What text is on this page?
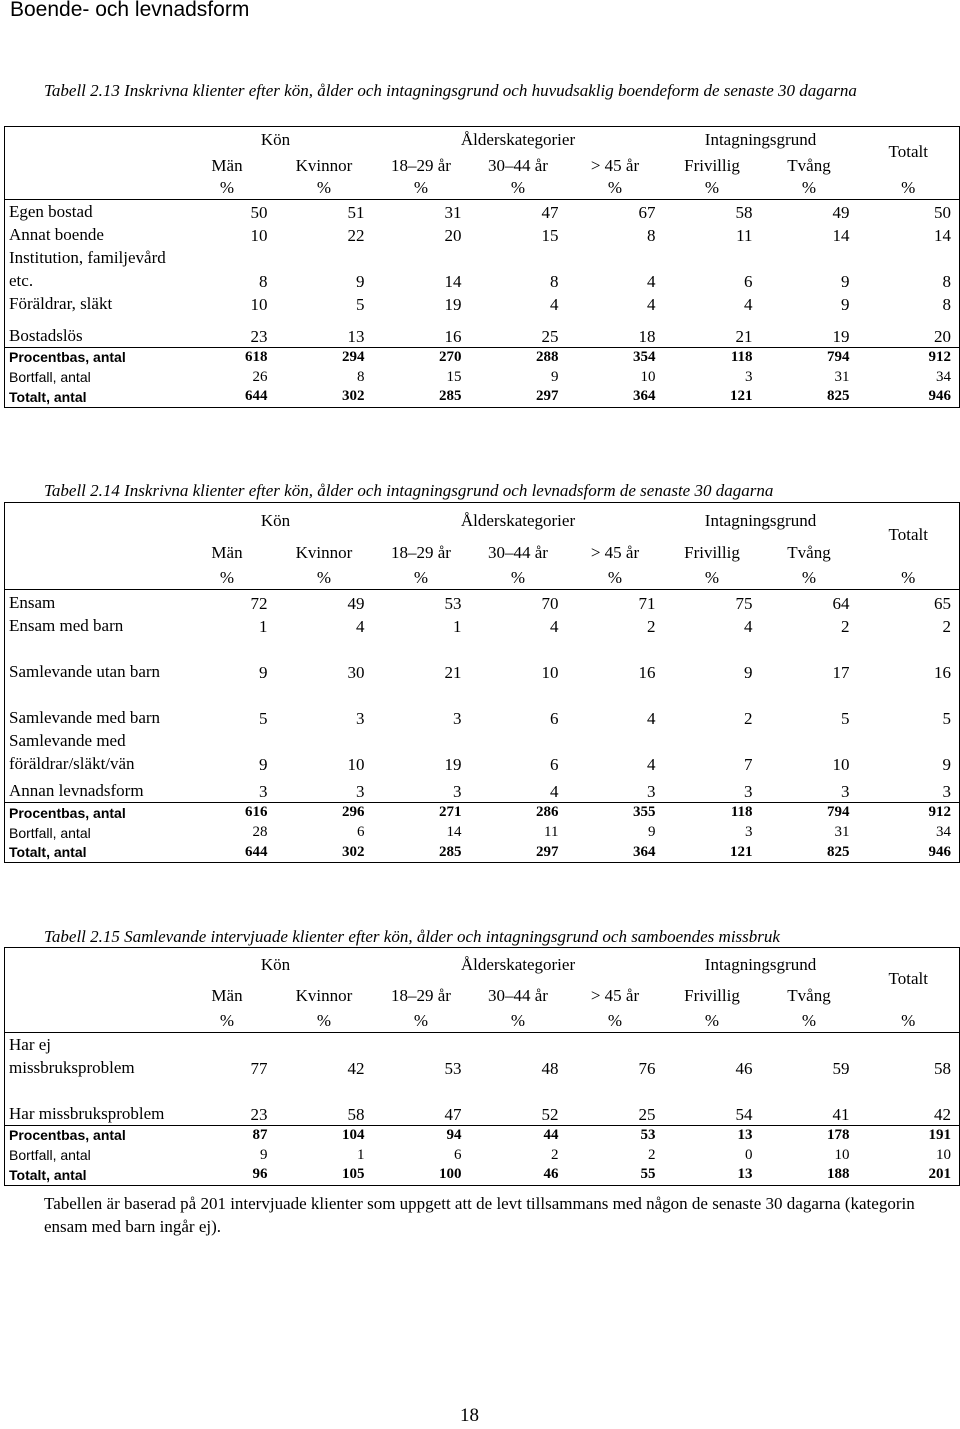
Boende- och levnadsform
Tabell 2.13 Inskrivna klienter efter kön, ålder och intagningsgrund och huvudsaklig boendeform de senaste 30 dagarna
	Kön		Ålderskategorier			Intagningsgrund		Totalt
	Män	Kvinnor	18–29 år	30–44 år	> 45 år	Frivillig	Tvång	
	%	%	%	%	%	%	%	%
Egen bostad	50	51	31	47	67	58	49	50
Annat boende	10	22	20	15	8	11	14	14
Institution, familjevård etc.	8	9	14	8	4	6	9	8
Föräldrar, släkt	10	5	19	4	4	4	9	8
Bostadslös	23	13	16	25	18	21	19	20
Procentbas, antal	618	294	270	288	354	118	794	912
Bortfall, antal	26	8	15	9	10	3	31	34
Totalt, antal	644	302	285	297	364	121	825	946
Tabell 2.14 Inskrivna klienter efter kön, ålder och intagningsgrund och levnadsform de senaste 30 dagarna
	Kön		Ålderskategorier			Intagningsgrund		Totalt
	Män	Kvinnor	18–29 år	30–44 år	> 45 år	Frivillig	Tvång	
	%	%	%	%	%	%	%	%
Ensam	72	49	53	70	71	75	64	65
Ensam med barn	1	4	1	4	2	4	2	2
Samlevande utan barn	9	30	21	10	16	9	17	16
Samlevande med barn	5	3	3	6	4	2	5	5
Samlevande med föräldrar/släkt/vän	9	10	19	6	4	7	10	9
Annan levnadsform	3	3	3	4	3	3	3	3
Procentbas, antal	616	296	271	286	355	118	794	912
Bortfall, antal	28	6	14	11	9	3	31	34
Totalt, antal	644	302	285	297	364	121	825	946
Tabell 2.15 Samlevande intervjuade klienter efter kön, ålder och intagningsgrund och samboendes missbruk
	Kön		Ålderskategorier			Intagningsgrund		Totalt
	Män	Kvinnor	18–29 år	30–44 år	> 45 år	Frivillig	Tvång	
	%	%	%	%	%	%	%	%
Har ej missbruksproblem	77	42	53	48	76	46	59	58
Har missbruksproblem	23	58	47	52	25	54	41	42
Procentbas, antal	87	104	94	44	53	13	178	191
Bortfall, antal	9	1	6	2	2	0	10	10
Totalt, antal	96	105	100	46	55	13	188	201
Tabellen är baserad på 201 intervjuade klienter som uppgett att de levt tillsammans med någon de senaste 30 dagarna (kategorin ensam med barn ingår ej).
18
